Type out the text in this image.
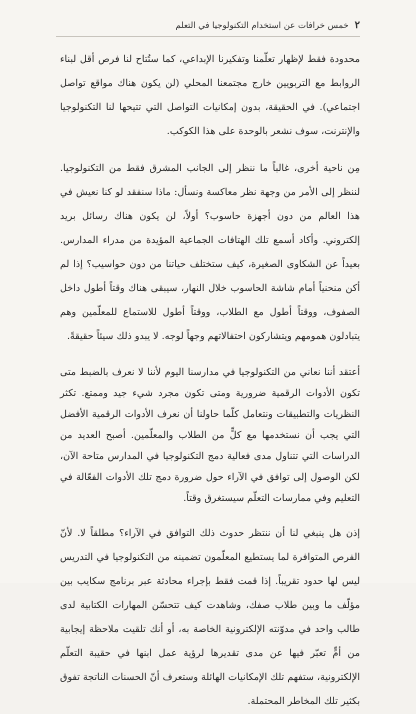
٢
خمس خرافات عن استخدام التكنولوجيا في التعلم

محدودة فقط لإظهار تعلّمنا وتفكيرنا الإبداعي، كما ستُتاح لنا فرص أقل لبناء الروابط مع التربويين خارج مجتمعنا المحلي (لن يكون هناك مواقع تواصل اجتماعي). في الحقيقة، بدون إمكانيات التواصل التي تتيحها لنا التكنولوجيا والإنترنت، سوف نشعر بالوحدة على هذا الكوكب.

مِن ناحية أخرى، غالباً ما ننظر إلى الجانب المشرق فقط من التكنولوجيا. لننظر إلى الأمر من وجهة نظر معاكسة ونسأل: ماذا سنفقد لو كنا نعيش في هذا العالم من دون أجهزة حاسوب؟ أولاً، لن يكون هناك رسائل بريد إلكتروني. وأكاد أسمع تلك الهتافات الجماعية المؤيدة من مدراء المدارس. بعيداً عن الشكاوى الصغيرة، كيف ستختلف حياتنا من دون حواسيب؟ إذا لم أكن منحنياً أمام شاشة الحاسوب خلال النهار، سيبقى هناك وقتاً أطول داخل الصفوف، ووقتاً أطول مع الطلاب، ووقتاً أطول للاستماع للمعلّمين وهم يتبادلون همومهم ويتشاركون احتفالاتهم وجهاً لوجه. لا يبدو ذلك سيئاً حقيقةً.

أعتقد أننا نعاني من التكنولوجيا في مدارسنا اليوم لأننا لا نعرف بالضبط متى تكون الأدوات الرقمية ضرورية ومتى تكون مجرد شيء جيد وممتع. تكثر النظريات والتطبيقات ونتعامل كلّما حاولنا أن نعرف الأدوات الرقمية الأفضل التي يجب أن نستخدمها مع كلٍّ من الطلاب والمعلّمين. أصبح العديد من الدراسات التي تتناول مدى فعالية دمج التكنولوجيا في المدارس متاحة الآن، لكن الوصول إلى توافق في الآراء حول ضرورة دمج تلك الأدوات الفعّالة في التعليم وفي ممارسات التعلّم سيستغرق وقتاً.

إذن هل ينبغي لنا أن ننتظر حدوث ذلك التوافق في الآراء؟ مطلقاً لا. لأنّ الفرص المتوافرة لما يستطيع المعلّمون تضمينه من التكنولوجيا في التدريس ليس لها حدود تقريباً. إذا قمت فقط بإجراء محادثة عبر برنامج سكايب بين مؤلّف ما وبين طلاب صفك، وشاهدت كيف تتحسّن المهارات الكتابية لدى طالب واحد في مدوّنته الإلكترونية الخاصة به، أو أنك تلقيت ملاحظة إيجابية من أمٍّ تعبّر فيها عن مدى تقديرها لرؤية عمل ابنها في حقيبة التعلّم الإلكترونية، ستفهم تلك الإمكانيات الهائلة وستعرف أنّ الحسنات الناتجة تفوق بكثير تلك المخاطر المحتملة.
